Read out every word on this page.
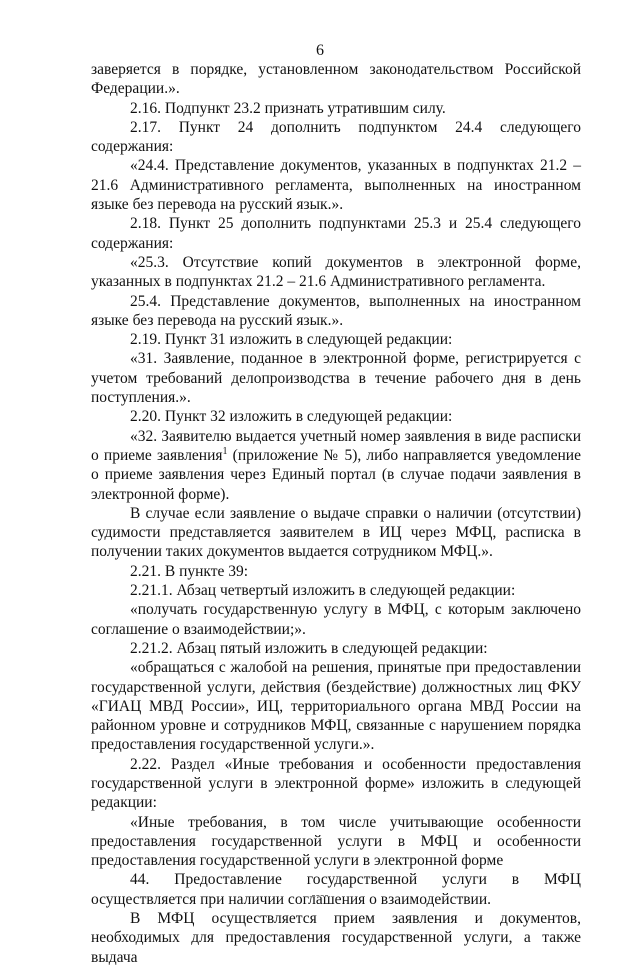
6

заверяется в порядке, установленном законодательством Российской Федерации.».

2.16. Подпункт 23.2 признать утратившим силу.

2.17. Пункт 24 дополнить подпунктом 24.4 следующего содержания:

«24.4. Представление документов, указанных в подпунктах 21.2 – 21.6 Административного регламента, выполненных на иностранном языке без перевода на русский язык.».

2.18. Пункт 25 дополнить подпунктами 25.3 и 25.4 следующего содержания:

«25.3. Отсутствие копий документов в электронной форме, указанных в подпунктах 21.2 – 21.6 Административного регламента.

25.4. Представление документов, выполненных на иностранном языке без перевода на русский язык.».

2.19. Пункт 31 изложить в следующей редакции:

«31. Заявление, поданное в электронной форме, регистрируется с учетом требований делопроизводства в течение рабочего дня в день поступления.».

2.20. Пункт 32 изложить в следующей редакции:

«32. Заявителю выдается учетный номер заявления в виде расписки о приеме заявления$^1$ (приложение № 5), либо направляется уведомление о приеме заявления через Единый портал (в случае подачи заявления в электронной форме).

В случае если заявление о выдаче справки о наличии (отсутствии) судимости представляется заявителем в ИЦ через МФЦ, расписка в получении таких документов выдается сотрудником МФЦ.».

2.21. В пункте 39:

2.21.1. Абзац четвертый изложить в следующей редакции:

«получать государственную услугу в МФЦ, с которым заключено соглашение о взаимодействии;».

2.21.2. Абзац пятый изложить в следующей редакции:

«обращаться с жалобой на решения, принятые при предоставлении государственной услуги, действия (бездействие) должностных лиц ФКУ «ГИАЦ МВД России», ИЦ, территориального органа МВД России на районном уровне и сотрудников МФЦ, связанные с нарушением порядка предоставления государственной услуги.».

2.22. Раздел «Иные требования и особенности предоставления государственной услуги в электронной форме» изложить в следующей редакции:

«Иные требования, в том числе учитывающие особенности предоставления государственной услуги в МФЦ и особенности предоставления государственной услуги в электронной форме

44. Предоставление государственной услуги в МФЦ осуществляется при наличии соглашения о взаимодействии.

В МФЦ осуществляется прием заявления и документов, необходимых для предоставления государственной услуги, а также выдача
